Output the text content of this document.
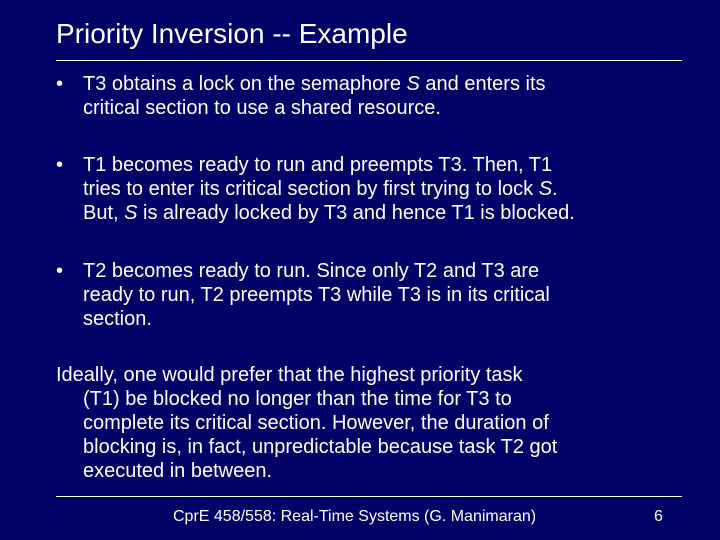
Priority Inversion -- Example
• T3 obtains a lock on the semaphore S and enters its
critical section to use a shared resource.
• T1 becomes ready to run and preempts T3. Then, T1
tries to enter its critical section by first trying to lock S.
But, S is already locked by T3 and hence T1 is blocked.
• T2 becomes ready to run. Since only T2 and T3 are
ready to run, T2 preempts T3 while T3 is in its critical
section.
Ideally, one would prefer that the highest priority task
(T1) be blocked no longer than the time for T3 to
complete its critical section. However, the duration of
blocking is, in fact, unpredictable because task T2 got
executed in between.
CprE 458/558: Real-Time Systems (G. Manimaran)	6
